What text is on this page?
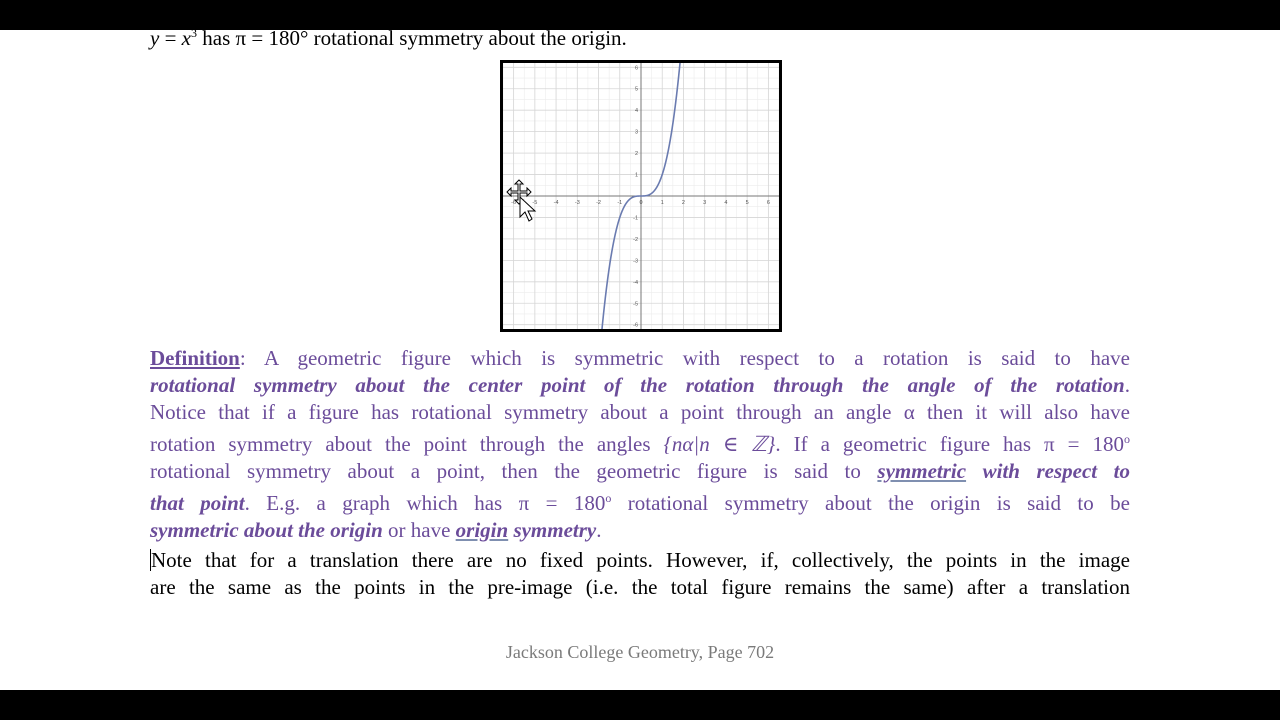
$y = x^3$ has π = 180° rotational symmetry about the origin.
-6	-5	-4	-3	-2	-1	0	1	2	3	4	5	6
-6
-5
-4
-3
-2
-1
1
2
3
4
5
6

Definition: A geometric figure which is symmetric with respect to a rotation is said to have

rotational symmetry about the center point of the rotation through the angle of the rotation.

Notice that if a figure has rotational symmetry about a point through an angle α then it will also have

rotation symmetry about the point through the angles {nα|n ∈ ℤ}. If a geometric figure has $\pi = 180^o$

rotational symmetry about a point, then the geometric figure is said to symmetric with respect to

that point. E.g. a graph which has $\pi = 180^o$ rotational symmetry about the origin is said to be

symmetric about the origin or have origin symmetry.

Note that for a translation there are no fixed points. However, if, collectively, the points in the image

are the same as the points in the pre-image (i.e. the total figure remains the same) after a translation

Jackson College Geometry, Page 702
